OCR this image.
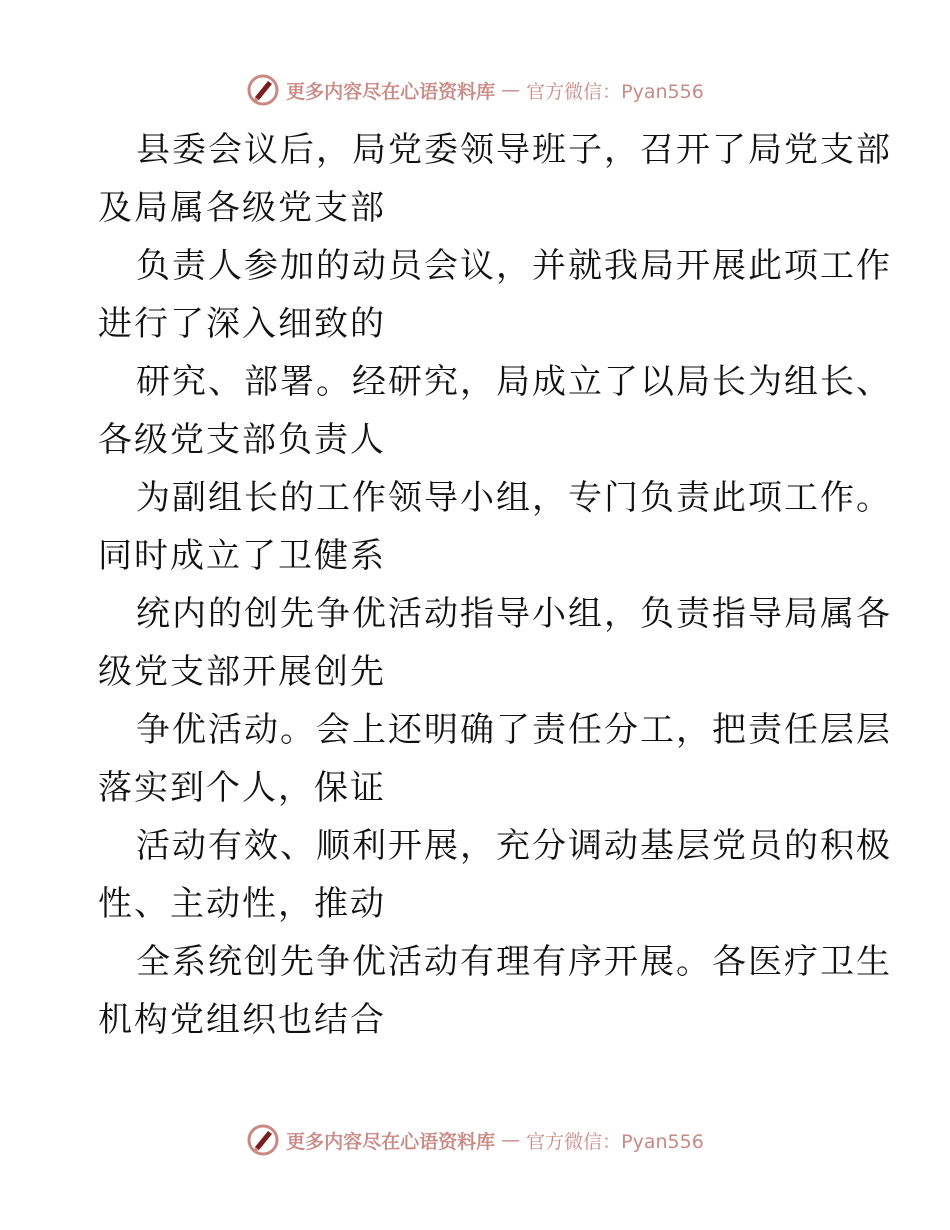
更多内容尽在心语资料库 — 官方微信：Pyan556

县委会议后，局党委领导班子，召开了局党支部

及局属各级党支部

负责人参加的动员会议，并就我局开展此项工作

进行了深入细致的

研究、部署。经研究，局成立了以局长为组长、

各级党支部负责人

为副组长的工作领导小组，专门负责此项工作。

同时成立了卫健系

统内的创先争优活动指导小组，负责指导局属各

级党支部开展创先

争优活动。会上还明确了责任分工，把责任层层

落实到个人，保证

活动有效、顺利开展，充分调动基层党员的积极

性、主动性，推动

全系统创先争优活动有理有序开展。各医疗卫生

机构党组织也结合

更多内容尽在心语资料库 — 官方微信：Pyan556
